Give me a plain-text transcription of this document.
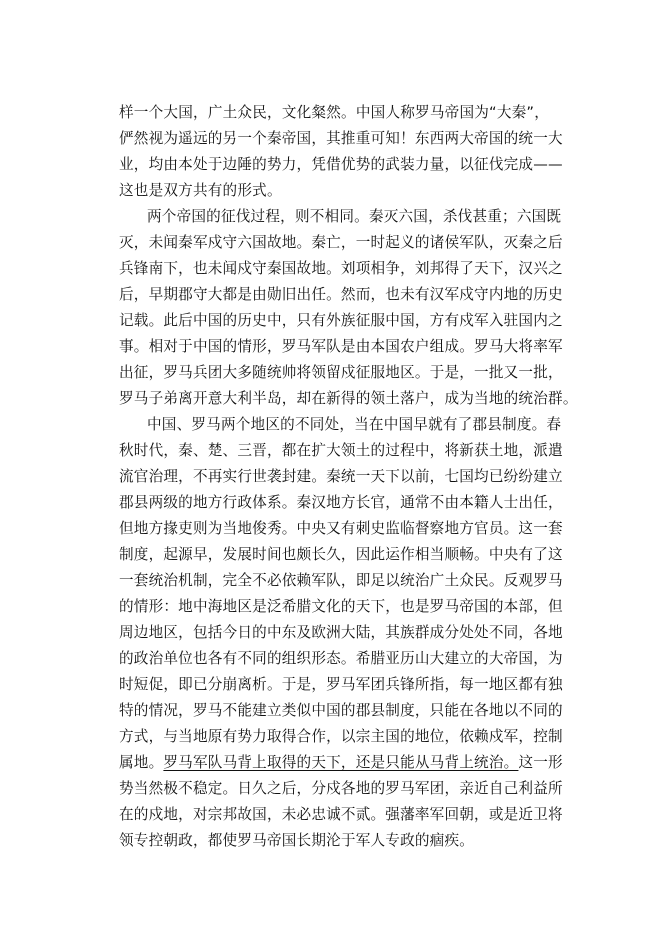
样一个大国，广土众民，文化粲然。中国人称罗马帝国为“大秦”，
俨然视为遥远的另一个秦帝国，其推重可知！东西两大帝国的统一大
业，均由本处于边陲的势力，凭借优势的武装力量，以征伐完成——
这也是双方共有的形式。
两个帝国的征伐过程，则不相同。秦灭六国，杀伐甚重；六国既
灭，未闻秦军戍守六国故地。秦亡，一时起义的诸侯军队，灭秦之后
兵锋南下，也未闻戍守秦国故地。刘项相争，刘邦得了天下，汉兴之
后，早期郡守大都是由勋旧出任。然而，也未有汉军戍守内地的历史
记载。此后中国的历史中，只有外族征服中国，方有戍军入驻国内之
事。相对于中国的情形，罗马军队是由本国农户组成。罗马大将率军
出征，罗马兵团大多随统帅将领留戍征服地区。于是，一批又一批，
罗马子弟离开意大利半岛，却在新得的领土落户，成为当地的统治群。
中国、罗马两个地区的不同处，当在中国早就有了郡县制度。春
秋时代，秦、楚、三晋，都在扩大领土的过程中，将新获土地，派遣
流官治理，不再实行世袭封建。秦统一天下以前，七国均已纷纷建立
郡县两级的地方行政体系。秦汉地方长官，通常不由本籍人士出任，
但地方掾吏则为当地俊秀。中央又有刺史监临督察地方官员。这一套
制度，起源早，发展时间也颇长久，因此运作相当顺畅。中央有了这
一套统治机制，完全不必依赖军队，即足以统治广土众民。反观罗马
的情形：地中海地区是泛希腊文化的天下，也是罗马帝国的本部，但
周边地区，包括今日的中东及欧洲大陆，其族群成分处处不同，各地
的政治单位也各有不同的组织形态。希腊亚历山大建立的大帝国，为
时短促，即已分崩离析。于是，罗马军团兵锋所指，每一地区都有独
特的情况，罗马不能建立类似中国的郡县制度，只能在各地以不同的
方式，与当地原有势力取得合作，以宗主国的地位，依赖戍军，控制
属地。罗马军队马背上取得的天下，还是只能从马背上统治。这一形
势当然极不稳定。日久之后，分戍各地的罗马军团，亲近自己利益所
在的戍地，对宗邦故国，未必忠诚不贰。强藩率军回朝，或是近卫将
领专控朝政，都使罗马帝国长期沦于军人专政的痼疾。
